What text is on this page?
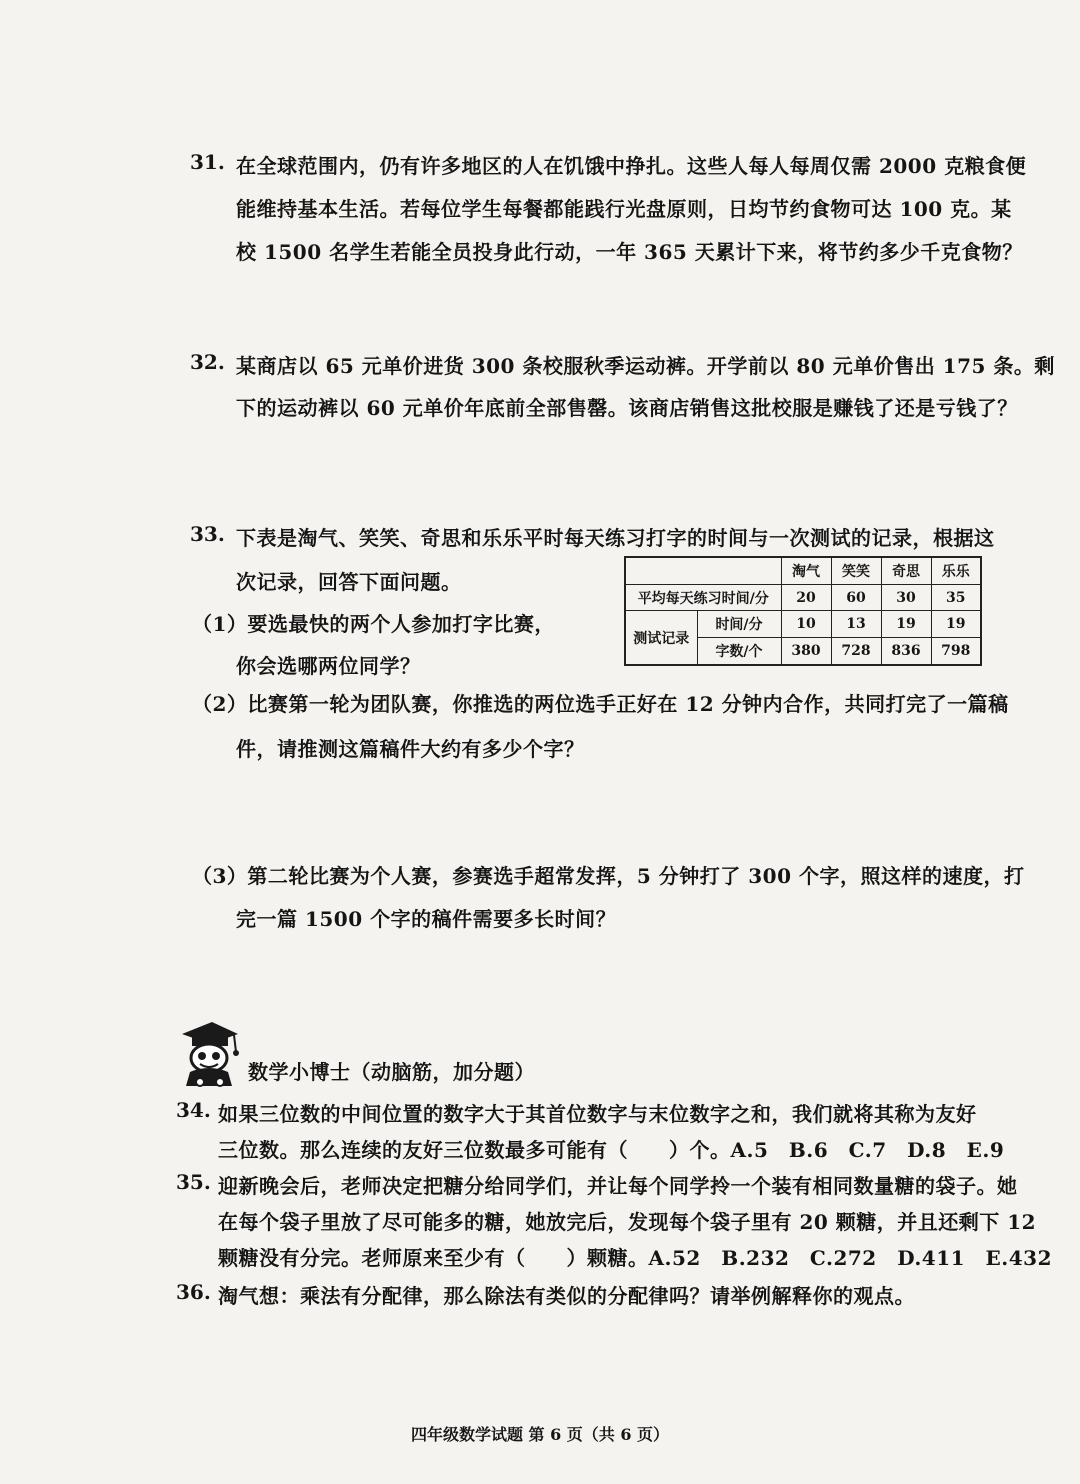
31. 在全球范围内，仍有许多地区的人在饥饿中挣扎。这些人每人每周仅需 2000 克粮食便
能维持基本生活。若每位学生每餐都能践行光盘原则，日均节约食物可达 100 克。某
校 1500 名学生若能全员投身此行动，一年 365 天累计下来，将节约多少千克食物？
32. 某商店以 65 元单价进货 300 条校服秋季运动裤。开学前以 80 元单价售出 175 条。剩
下的运动裤以 60 元单价年底前全部售罄。该商店销售这批校服是赚钱了还是亏钱了？
33. 下表是淘气、笑笑、奇思和乐乐平时每天练习打字的时间与一次测试的记录，根据这
次记录，回答下面问题。
（1）要选最快的两个人参加打字比赛，
你会选哪两位同学？
（2）比赛第一轮为团队赛，你推选的两位选手正好在 12 分钟内合作，共同打完了一篇稿
件，请推测这篇稿件大约有多少个字？
（3）第二轮比赛为个人赛，参赛选手超常发挥，5 分钟打了 300 个字，照这样的速度，打
完一篇 1500 个字的稿件需要多长时间？
		淘气	笑笑	奇思	乐乐
平均每天练习时间/分		20	60	30	35
测试记录	时间/分	10	13	19	19
	字数/个	380	728	836	798
数学小博士（动脑筋，加分题）
34. 如果三位数的中间位置的数字大于其首位数字与末位数字之和，我们就将其称为友好
三位数。那么连续的友好三位数最多可能有（　　）个。A.5　B.6　C.7　D.8　E.9
35. 迎新晚会后，老师决定把糖分给同学们，并让每个同学拎一个装有相同数量糖的袋子。她
在每个袋子里放了尽可能多的糖，她放完后，发现每个袋子里有 20 颗糖，并且还剩下 12
颗糖没有分完。老师原来至少有（　　）颗糖。A.52　B.232　C.272　D.411　E.432
36. 淘气想：乘法有分配律，那么除法有类似的分配律吗？请举例解释你的观点。
四年级数学试题 第 6 页（共 6 页）
